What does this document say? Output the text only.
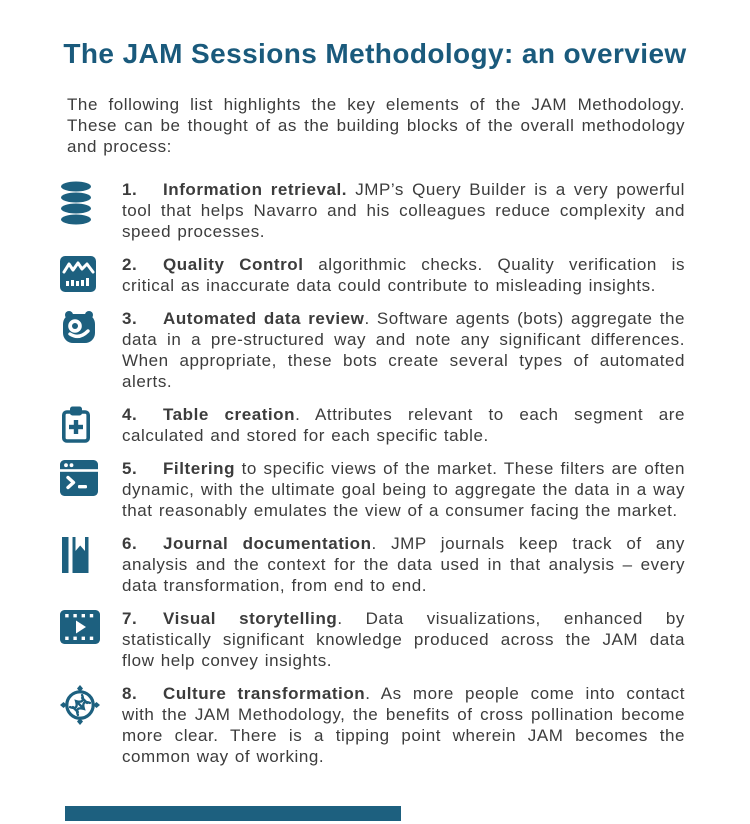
The JAM Sessions Methodology: an overview

The following list highlights the key elements of the JAM Methodology. These can be thought of as the building blocks of the overall methodology and process:

1. Information retrieval. JMP’s Query Builder is a very powerful tool that helps Navarro and his colleagues reduce complexity and speed processes.

2. Quality Control algorithmic checks. Quality verification is critical as inaccurate data could contribute to misleading insights.

3. Automated data review. Software agents (bots) aggregate the data in a pre-structured way and note any significant differences. When appropriate, these bots create several types of automated alerts.

4. Table creation. Attributes relevant to each segment are calculated and stored for each specific table.

5. Filtering to specific views of the market. These filters are often dynamic, with the ultimate goal being to aggregate the data in a way that reasonably emulates the view of a consumer facing the market.

6. Journal documentation. JMP journals keep track of any analysis and the context for the data used in that analysis – every data transformation, from end to end.

7. Visual storytelling. Data visualizations, enhanced by statistically significant knowledge produced across the JAM data flow help convey insights.

8. Culture transformation. As more people come into contact with the JAM Methodology, the benefits of cross pollination become more clear. There is a tipping point wherein JAM becomes the common way of working.
